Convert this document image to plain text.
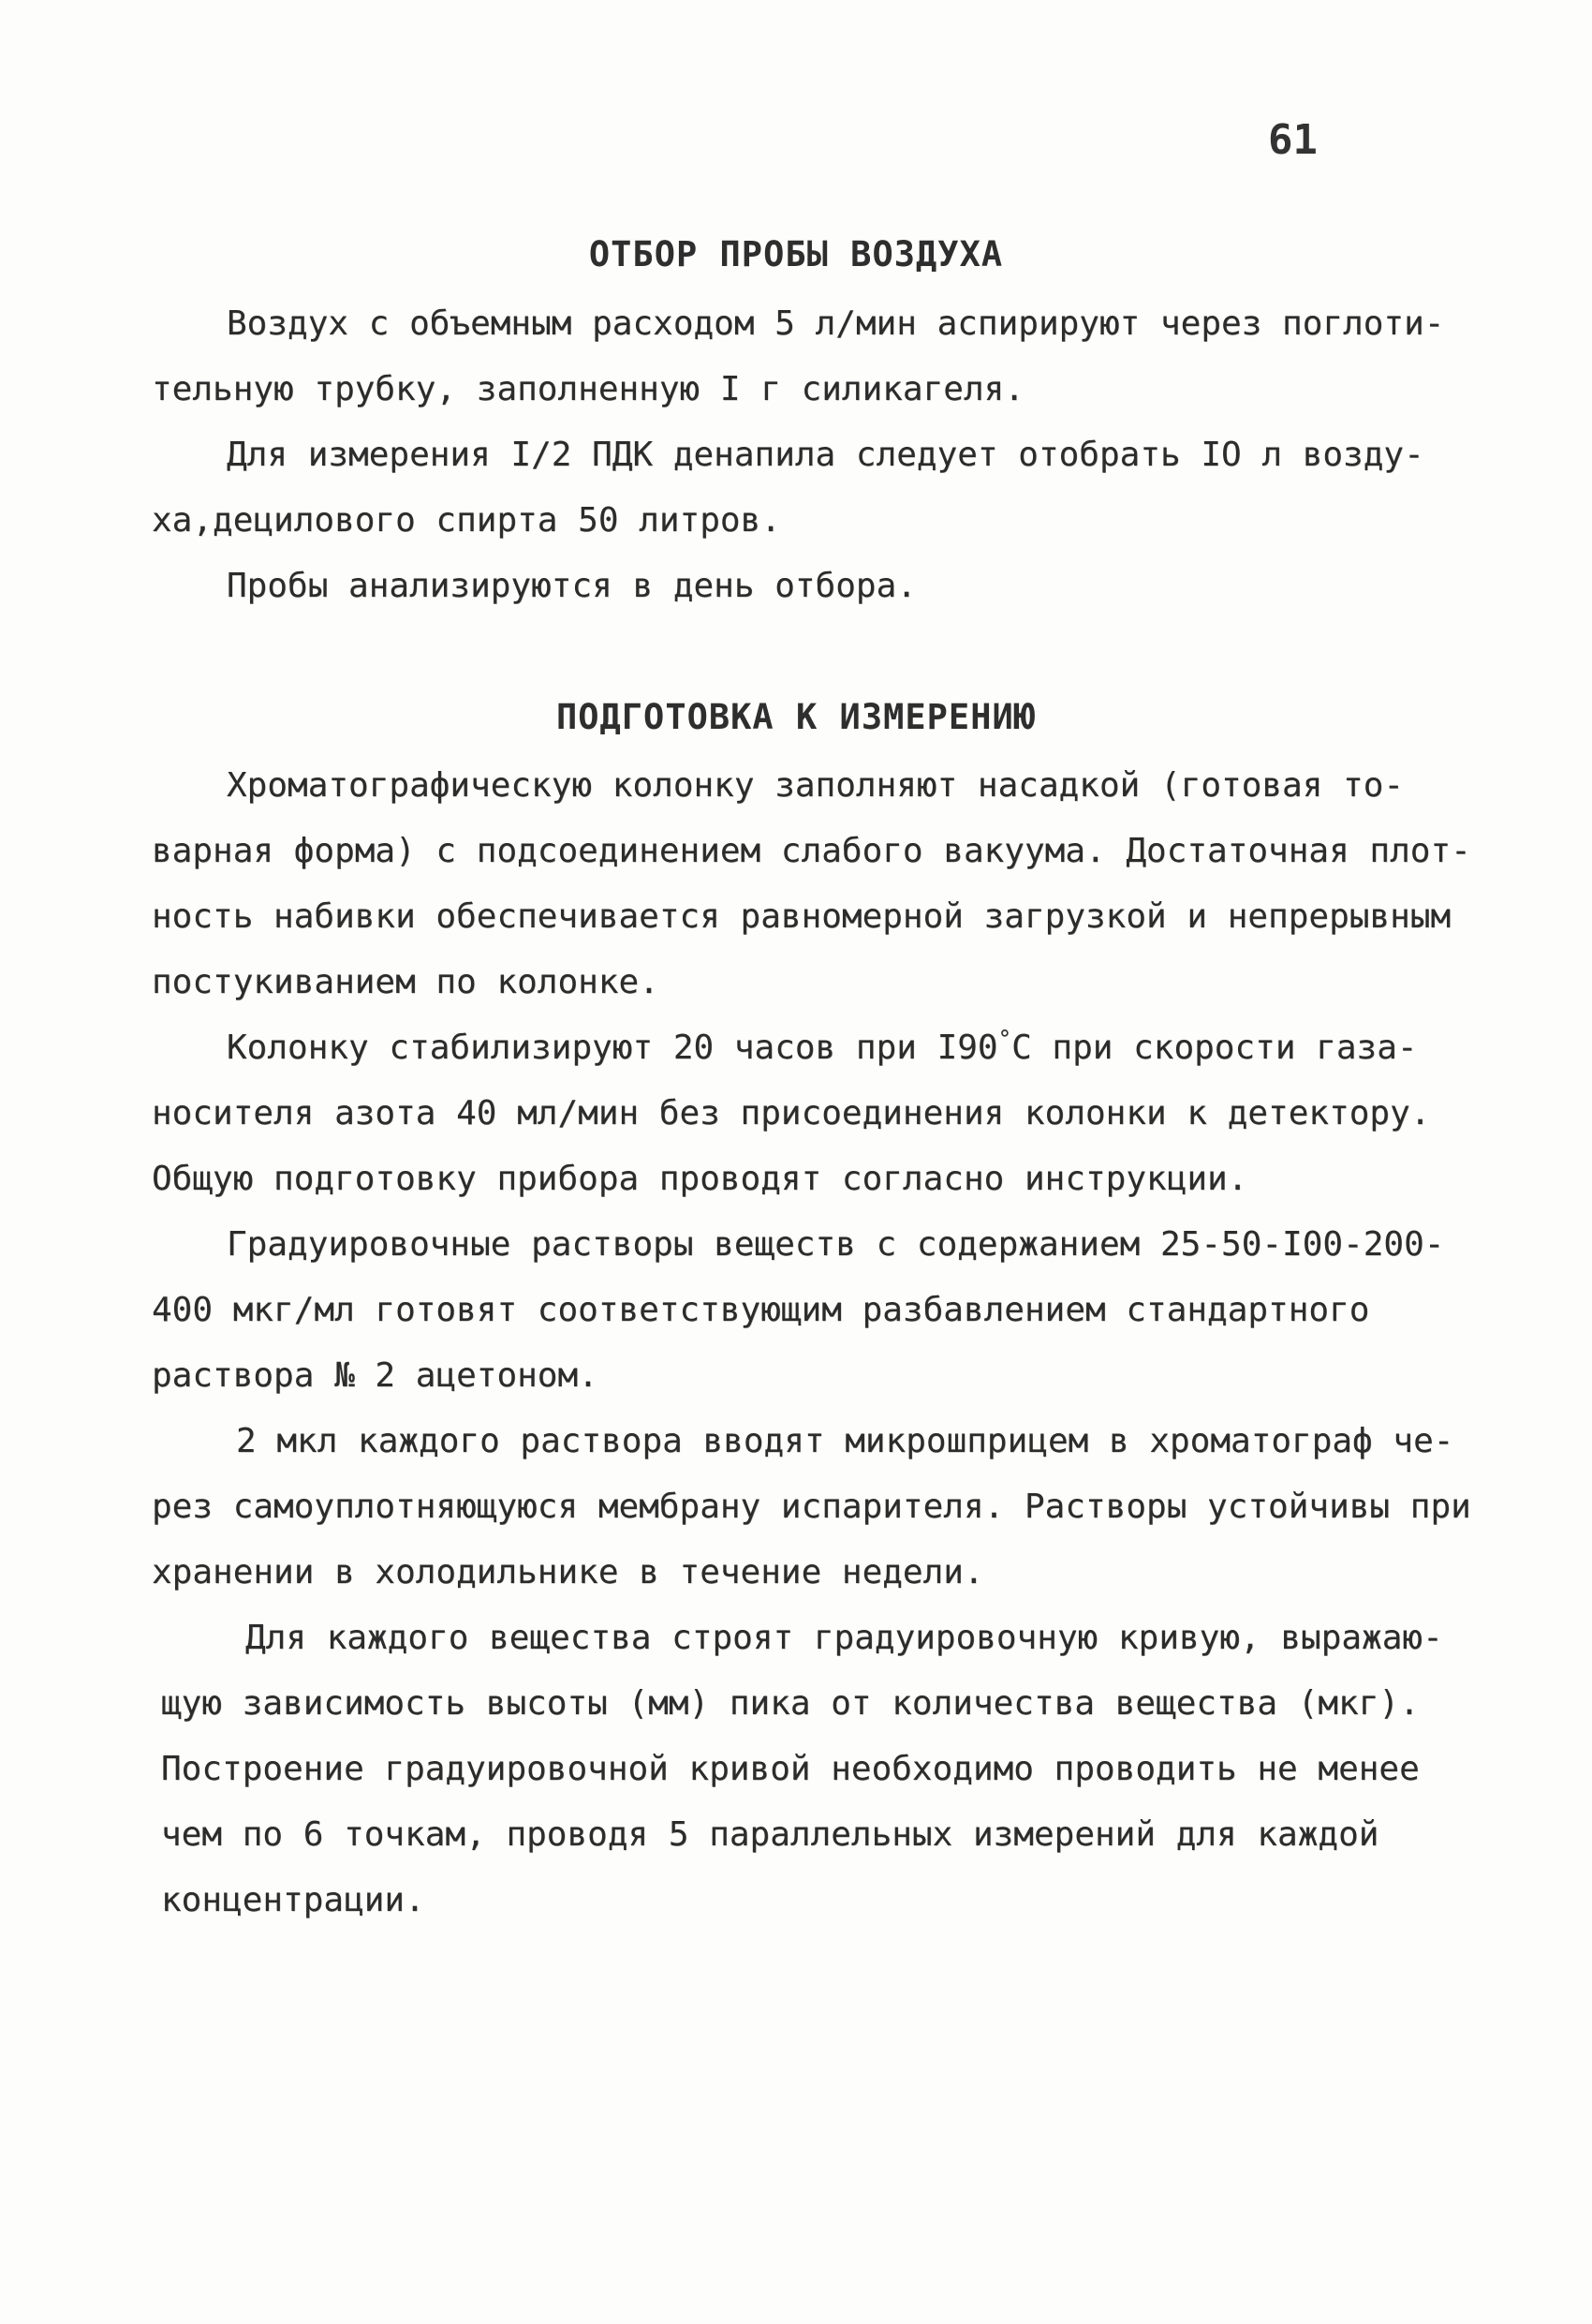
61
ОТБОР ПРОБЫ ВОЗДУХА
Воздух с объемным расходом 5 л/мин аспирируют через поглоти-
тельную трубку, заполненную I г силикагеля.
Для измерения I/2 ПДК денапила следует отобрать IO л возду-
ха,децилового спирта 50 литров.
Пробы анализируются в день отбора.
ПОДГОТОВКА К ИЗМЕРЕНИЮ
Хроматографическую колонку заполняют насадкой (готовая то-
варная форма) с подсоединением слабого вакуума. Достаточная плот-
ность набивки обеспечивается равномерной загрузкой и непрерывным
постукиванием по колонке.
Колонку стабилизируют 20 часов при I90°C при скорости газа-
носителя азота 40 мл/мин без присоединения колонки к детектору.
Общую подготовку прибора проводят согласно инструкции.
Градуировочные растворы веществ с содержанием 25-50-I00-200-
400 мкг/мл готовят соответствующим разбавлением стандартного
раствора № 2 ацетоном.
2 мкл каждого раствора вводят микрошприцем в хроматограф че-
рез самоуплотняющуюся мембрану испарителя. Растворы устойчивы при
хранении в холодильнике в течение недели.
Для каждого вещества строят градуировочную кривую, выражаю-
щую зависимость высоты (мм) пика от количества вещества (мкг).
Построение градуировочной кривой необходимо проводить не менее
чем по 6 точкам, проводя 5 параллельных измерений для каждой
концентрации.
